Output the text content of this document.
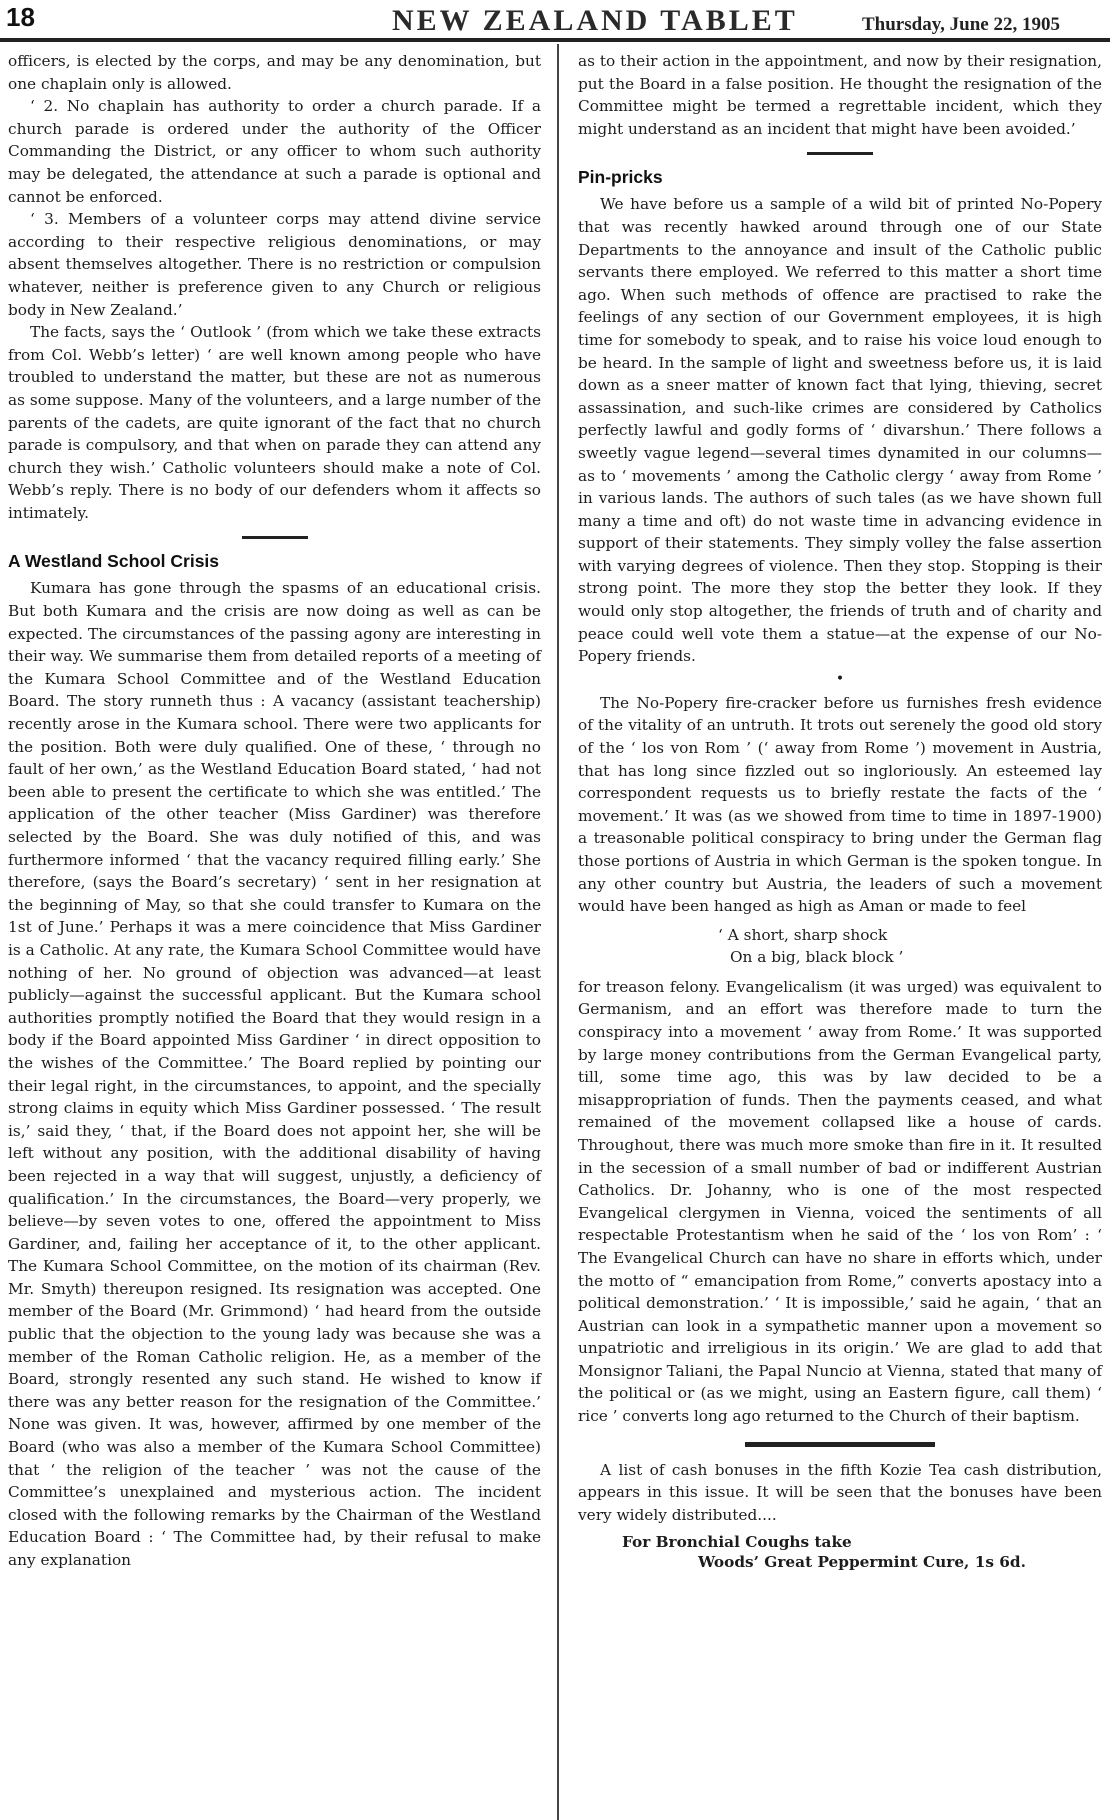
18	NEW ZEALAND TABLET	Thursday, June 22, 1905

officers, is elected by the corps, and may be any denomination, but one chaplain only is allowed.

‘ 2. No chaplain has authority to order a church parade. If a church parade is ordered under the authority of the Officer Commanding the District, or any officer to whom such authority may be delegated, the attendance at such a parade is optional and cannot be enforced.

‘ 3. Members of a volunteer corps may attend divine service according to their respective religious denominations, or may absent themselves altogether. There is no restriction or compulsion whatever, neither is preference given to any Church or religious body in New Zealand.’

The facts, says the ‘ Outlook ’ (from which we take these extracts from Col. Webb’s letter) ‘ are well known among people who have troubled to understand the matter, but these are not as numerous as some suppose. Many of the volunteers, and a large number of the parents of the cadets, are quite ignorant of the fact that no church parade is compulsory, and that when on parade they can attend any church they wish.’ Catholic volunteers should make a note of Col. Webb’s reply. There is no body of our defenders whom it affects so intimately.

A Westland School Crisis

Kumara has gone through the spasms of an educational crisis. But both Kumara and the crisis are now doing as well as can be expected. The circumstances of the passing agony are interesting in their way. We summarise them from detailed reports of a meeting of the Kumara School Committee and of the Westland Education Board. The story runneth thus : A vacancy (assistant teachership) recently arose in the Kumara school. There were two applicants for the position. Both were duly qualified. One of these, ‘ through no fault of her own,’ as the Westland Education Board stated, ‘ had not been able to present the certificate to which she was entitled.’ The application of the other teacher (Miss Gardiner) was therefore selected by the Board. She was duly notified of this, and was furthermore informed ‘ that the vacancy required filling early.’ She therefore, (says the Board’s secretary) ‘ sent in her resignation at the beginning of May, so that she could transfer to Kumara on the 1st of June.’ Perhaps it was a mere coincidence that Miss Gardiner is a Catholic. At any rate, the Kumara School Committee would have nothing of her. No ground of objection was advanced—at least publicly—against the successful applicant. But the Kumara school authorities promptly notified the Board that they would resign in a body if the Board appointed Miss Gardiner ‘ in direct opposition to the wishes of the Committee.’ The Board replied by pointing our their legal right, in the circumstances, to appoint, and the specially strong claims in equity which Miss Gardiner possessed. ‘ The result is,’ said they, ‘ that, if the Board does not appoint her, she will be left without any position, with the additional disability of having been rejected in a way that will suggest, unjustly, a deficiency of qualification.’ In the circumstances, the Board—very properly, we believe—by seven votes to one, offered the appointment to Miss Gardiner, and, failing her acceptance of it, to the other applicant. The Kumara School Committee, on the motion of its chairman (Rev. Mr. Smyth) thereupon resigned. Its resignation was accepted. One member of the Board (Mr. Grimmond) ‘ had heard from the outside public that the objection to the young lady was because she was a member of the Roman Catholic religion. He, as a member of the Board, strongly resented any such stand. He wished to know if there was any better reason for the resignation of the Committee.’ None was given. It was, however, affirmed by one member of the Board (who was also a member of the Kumara School Committee) that ‘ the religion of the teacher ’ was not the cause of the Committee’s unexplained and mysterious action. The incident closed with the following remarks by the Chairman of the Westland Education Board : ‘ The Committee had, by their refusal to make any explanation

as to their action in the appointment, and now by their resignation, put the Board in a false position. He thought the resignation of the Committee might be termed a regrettable incident, which they might understand as an incident that might have been avoided.’

Pin-pricks

We have before us a sample of a wild bit of printed No-Popery that was recently hawked around through one of our State Departments to the annoyance and insult of the Catholic public servants there employed. We referred to this matter a short time ago. When such methods of offence are practised to rake the feelings of any section of our Government employees, it is high time for somebody to speak, and to raise his voice loud enough to be heard. In the sample of light and sweetness before us, it is laid down as a sneer matter of known fact that lying, thieving, secret assassination, and such-like crimes are considered by Catholics perfectly lawful and godly forms of ‘ divarshun.’ There follows a sweetly vague legend—several times dynamited in our columns—as to ‘ movements ’ among the Catholic clergy ‘ away from Rome ’ in various lands. The authors of such tales (as we have shown full many a time and oft) do not waste time in advancing evidence in support of their statements. They simply volley the false assertion with varying degrees of violence. Then they stop. Stopping is their strong point. The more they stop the better they look. If they would only stop altogether, the friends of truth and of charity and peace could well vote them a statue—at the expense of our No-Popery friends.

•

The No-Popery fire-cracker before us furnishes fresh evidence of the vitality of an untruth. It trots out serenely the good old story of the ‘ los von Rom ’ (‘ away from Rome ’) movement in Austria, that has long since fizzled out so ingloriously. An esteemed lay correspondent requests us to briefly restate the facts of the ‘ movement.’ It was (as we showed from time to time in 1897-1900) a treasonable political conspiracy to bring under the German flag those portions of Austria in which German is the spoken tongue. In any other country but Austria, the leaders of such a movement would have been hanged as high as Aman or made to feel

‘ A short, sharp shock
On a big, black block ’

for treason felony. Evangelicalism (it was urged) was equivalent to Germanism, and an effort was therefore made to turn the conspiracy into a movement ‘ away from Rome.’ It was supported by large money contributions from the German Evangelical party, till, some time ago, this was by law decided to be a misappropriation of funds. Then the payments ceased, and what remained of the movement collapsed like a house of cards. Throughout, there was much more smoke than fire in it. It resulted in the secession of a small number of bad or indifferent Austrian Catholics. Dr. Johanny, who is one of the most respected Evangelical clergymen in Vienna, voiced the sentiments of all respectable Protestantism when he said of the ‘ los von Rom’ : ‘ The Evangelical Church can have no share in efforts which, under the motto of “ emancipation from Rome,” converts apostacy into a political demonstration.’ ‘ It is impossible,’ said he again, ‘ that an Austrian can look in a sympathetic manner upon a movement so unpatriotic and irreligious in its origin.’ We are glad to add that Monsignor Taliani, the Papal Nuncio at Vienna, stated that many of the political or (as we might, using an Eastern figure, call them) ‘ rice ’ converts long ago returned to the Church of their baptism.

A list of cash bonuses in the fifth Kozie Tea cash distribution, appears in this issue. It will be seen that the bonuses have been very widely distributed....

For Bronchial Coughs take
Woods’ Great Peppermint Cure, 1s 6d.
